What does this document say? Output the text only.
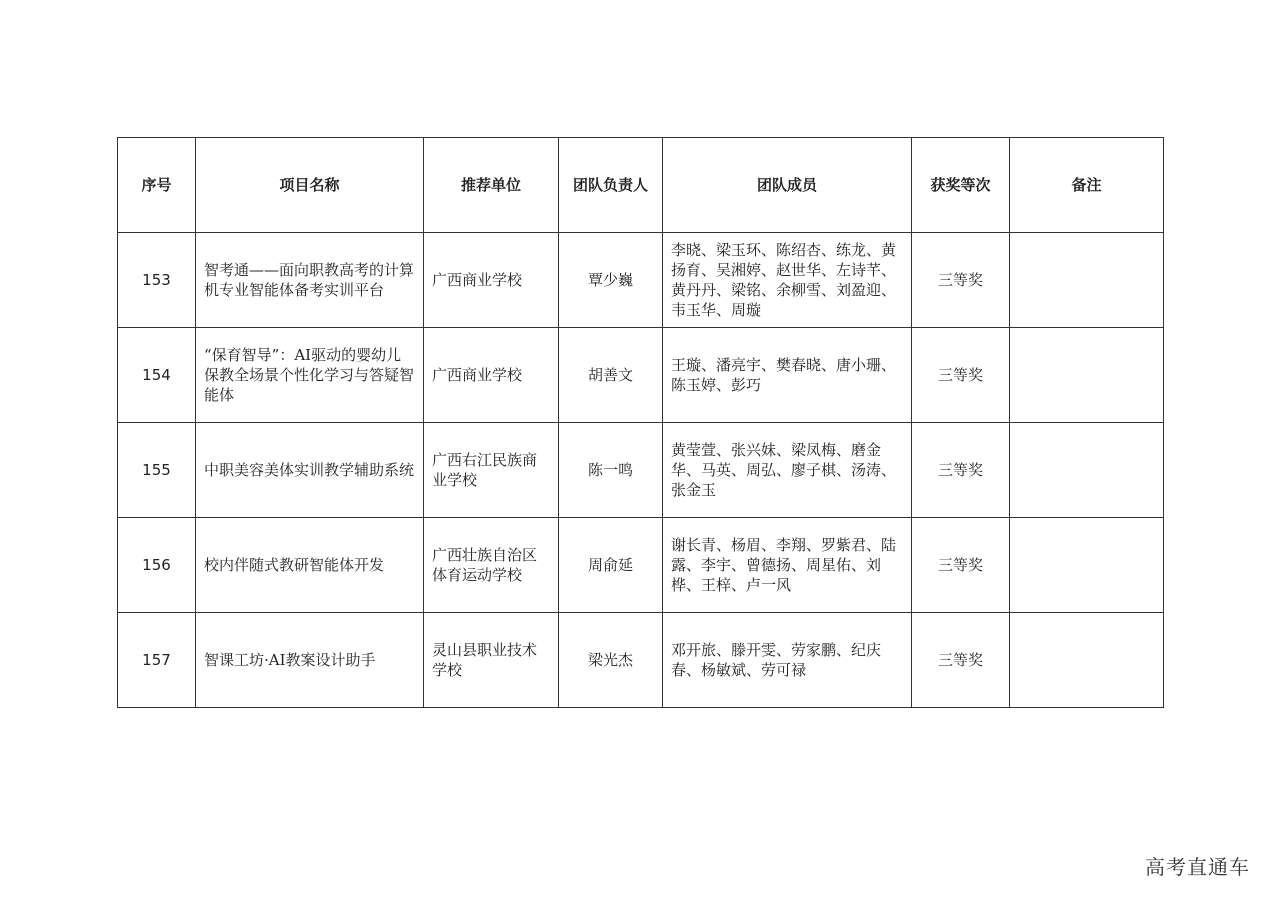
序号	项目名称	推荐单位	团队负责人	团队成员	获奖等次	备注
153	智考通——面向职教高考的计算机专业智能体备考实训平台	广西商业学校	覃少巍	李晓、梁玉环、陈绍杏、练龙、黄扬育、吴湘婷、赵世华、左诗芊、黄丹丹、梁铭、余柳雪、刘盈迎、韦玉华、周璇	三等奖	
154	“保育智导”：AI驱动的婴幼儿保教全场景个性化学习与答疑智能体	广西商业学校	胡善文	王璇、潘亮宇、樊春晓、唐小珊、陈玉婷、彭巧	三等奖	
155	中职美容美体实训教学辅助系统	广西右江民族商业学校	陈一鸣	黄莹萱、张兴妹、梁凤梅、磨金华、马英、周弘、廖子棋、汤涛、张金玉	三等奖	
156	校内伴随式教研智能体开发	广西壮族自治区体育运动学校	周俞延	谢长青、杨眉、李翔、罗紫君、陆露、李宇、曾德扬、周星佑、刘桦、王梓、卢一风	三等奖	
157	智课工坊·AI教案设计助手	灵山县职业技术学校	梁光杰	邓开旅、滕开雯、劳家鹏、纪庆春、杨敏斌、劳可禄	三等奖	
高考直通车
